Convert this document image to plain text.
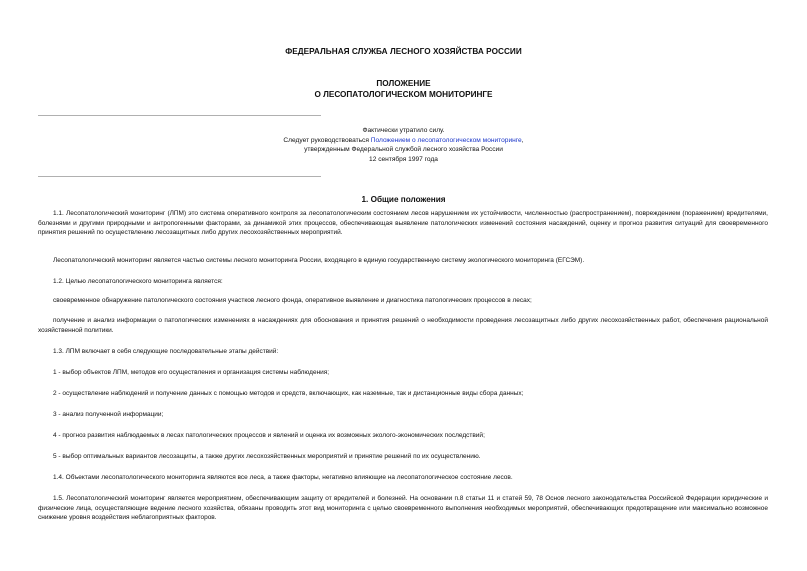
ФЕДЕРАЛЬНАЯ СЛУЖБА ЛЕСНОГО ХОЗЯЙСТВА РОССИИ
ПОЛОЖЕНИЕ
О ЛЕСОПАТОЛОГИЧЕСКОМ МОНИТОРИНГЕ
Фактически утратило силу.
Следует руководствоваться Положением о лесопатологическом мониторинге,
утвержденным Федеральной службой лесного хозяйства России
12 сентября 1997 года
1. Общие положения

1.1. Лесопатологический мониторинг (ЛПМ) это система оперативного контроля за лесопатологическим состоянием лесов нарушением их устойчивости, численностью (распространением), повреждением (поражением) вредителями, болезнями и другими природными и антропогенными факторами, за динамикой этих процессов, обеспечивающая выявление патологических изменений состояния насаждений, оценку и прогноз развития ситуаций для своевременного принятия решений по осуществлению лесозащитных либо других лесохозяйственных мероприятий.

Лесопатологический мониторинг является частью системы лесного мониторинга России, входящего в единую государственную систему экологического мониторинга (ЕГСЭМ).

1.2. Целью лесопатологического мониторинга является:

своевременное обнаружение патологического состояния участков лесного фонда, оперативное выявление и диагностика патологических процессов в лесах;

получение и анализ информации о патологических изменениях в насаждениях для обоснования и принятия решений о необходимости проведения лесозащитных либо других лесохозяйственных работ, обеспечения рациональной хозяйственной политики.

1.3. ЛПМ включает в себя следующие последовательные этапы действий:

1 - выбор объектов ЛПМ, методов его осуществления и организация системы наблюдения;

2 - осуществление наблюдений и получение данных с помощью методов и средств, включающих, как наземные, так и дистанционные виды сбора данных;

3 - анализ полученной информации;

4 - прогноз развития наблюдаемых в лесах патологических процессов и явлений и оценка их возможных эколого-экономических последствий;

5 - выбор оптимальных вариантов лесозащиты, а также других лесохозяйственных мероприятий и принятие решений по их осуществлению.

1.4. Объектами лесопатологического мониторинга являются все леса, а также факторы, негативно влияющие на лесопатологическое состояние лесов.

1.5. Лесопатологический мониторинг является мероприятием, обеспечивающим защиту от вредителей и болезней. На основании п.8 статьи 11 и статей 59, 78 Основ лесного законодательства Российской Федерации юридические и физические лица, осуществляющие ведение лесного хозяйства, обязаны проводить этот вид мониторинга с целью своевременного выполнения необходимых мероприятий, обеспечивающих предотвращение или максимально возможное снижение уровня воздействия неблагоприятных факторов.
